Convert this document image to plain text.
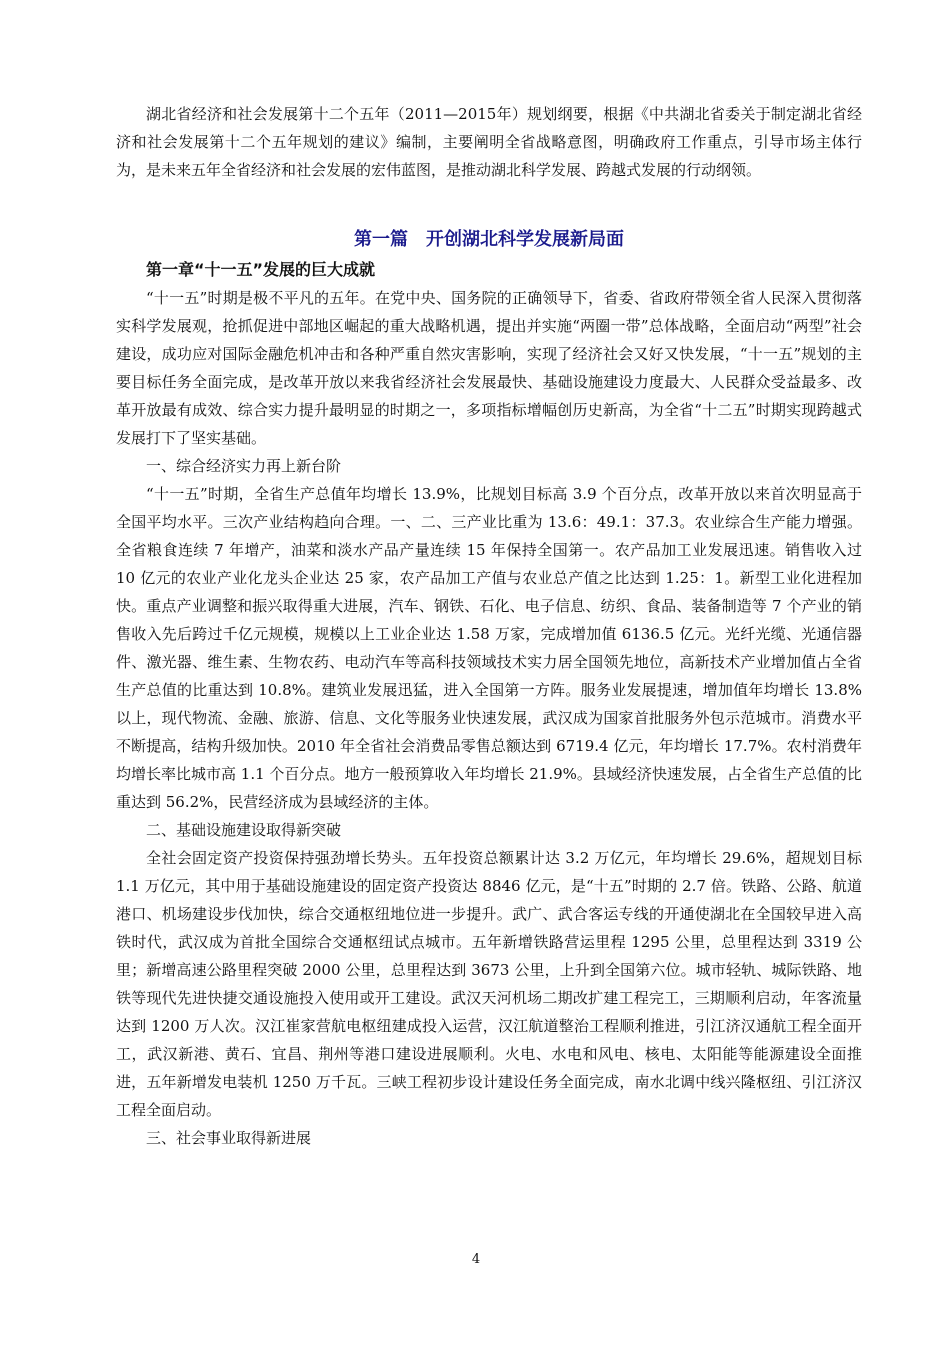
湖北省经济和社会发展第十二个五年（2011—2015年）规划纲要，根据《中共湖北省委关于制定湖北省经济和社会发展第十二个五年规划的建议》编制，主要阐明全省战略意图，明确政府工作重点，引导市场主体行为，是未来五年全省经济和社会发展的宏伟蓝图，是推动湖北科学发展、跨越式发展的行动纲领。

第一篇　开创湖北科学发展新局面
第一章“十一五”发展的巨大成就

“十一五”时期是极不平凡的五年。在党中央、国务院的正确领导下，省委、省政府带领全省人民深入贯彻落实科学发展观，抢抓促进中部地区崛起的重大战略机遇，提出并实施“两圈一带”总体战略，全面启动“两型”社会建设，成功应对国际金融危机冲击和各种严重自然灾害影响，实现了经济社会又好又快发展，“十一五”规划的主要目标任务全面完成，是改革开放以来我省经济社会发展最快、基础设施建设力度最大、人民群众受益最多、改革开放最有成效、综合实力提升最明显的时期之一，多项指标增幅创历史新高，为全省“十二五”时期实现跨越式发展打下了坚实基础。

一、综合经济实力再上新台阶

“十一五”时期，全省生产总值年均增长 13.9%，比规划目标高 3.9 个百分点，改革开放以来首次明显高于全国平均水平。三次产业结构趋向合理。一、二、三产业比重为 13.6：49.1：37.3。农业综合生产能力增强。全省粮食连续 7 年增产，油菜和淡水产品产量连续 15 年保持全国第一。农产品加工业发展迅速。销售收入过 10 亿元的农业产业化龙头企业达 25 家，农产品加工产值与农业总产值之比达到 1.25：1。新型工业化进程加快。重点产业调整和振兴取得重大进展，汽车、钢铁、石化、电子信息、纺织、食品、装备制造等 7 个产业的销售收入先后跨过千亿元规模，规模以上工业企业达 1.58 万家，完成增加值 6136.5 亿元。光纤光缆、光通信器件、激光器、维生素、生物农药、电动汽车等高科技领域技术实力居全国领先地位，高新技术产业增加值占全省生产总值的比重达到 10.8%。建筑业发展迅猛，进入全国第一方阵。服务业发展提速，增加值年均增长 13.8%以上，现代物流、金融、旅游、信息、文化等服务业快速发展，武汉成为国家首批服务外包示范城市。消费水平不断提高，结构升级加快。2010 年全省社会消费品零售总额达到 6719.4 亿元，年均增长 17.7%。农村消费年均增长率比城市高 1.1 个百分点。地方一般预算收入年均增长 21.9%。县域经济快速发展，占全省生产总值的比重达到 56.2%，民营经济成为县域经济的主体。

二、基础设施建设取得新突破

全社会固定资产投资保持强劲增长势头。五年投资总额累计达 3.2 万亿元，年均增长 29.6%，超规划目标 1.1 万亿元，其中用于基础设施建设的固定资产投资达 8846 亿元，是“十五”时期的 2.7 倍。铁路、公路、航道港口、机场建设步伐加快，综合交通枢纽地位进一步提升。武广、武合客运专线的开通使湖北在全国较早进入高铁时代，武汉成为首批全国综合交通枢纽试点城市。五年新增铁路营运里程 1295 公里，总里程达到 3319 公里；新增高速公路里程突破 2000 公里，总里程达到 3673 公里，上升到全国第六位。城市轻轨、城际铁路、地铁等现代先进快捷交通设施投入使用或开工建设。武汉天河机场二期改扩建工程完工，三期顺利启动，年客流量达到 1200 万人次。汉江崔家营航电枢纽建成投入运营，汉江航道整治工程顺利推进，引江济汉通航工程全面开工，武汉新港、黄石、宜昌、荆州等港口建设进展顺利。火电、水电和风电、核电、太阳能等能源建设全面推进，五年新增发电装机 1250 万千瓦。三峡工程初步设计建设任务全面完成，南水北调中线兴隆枢纽、引江济汉工程全面启动。

三、社会事业取得新进展

4
